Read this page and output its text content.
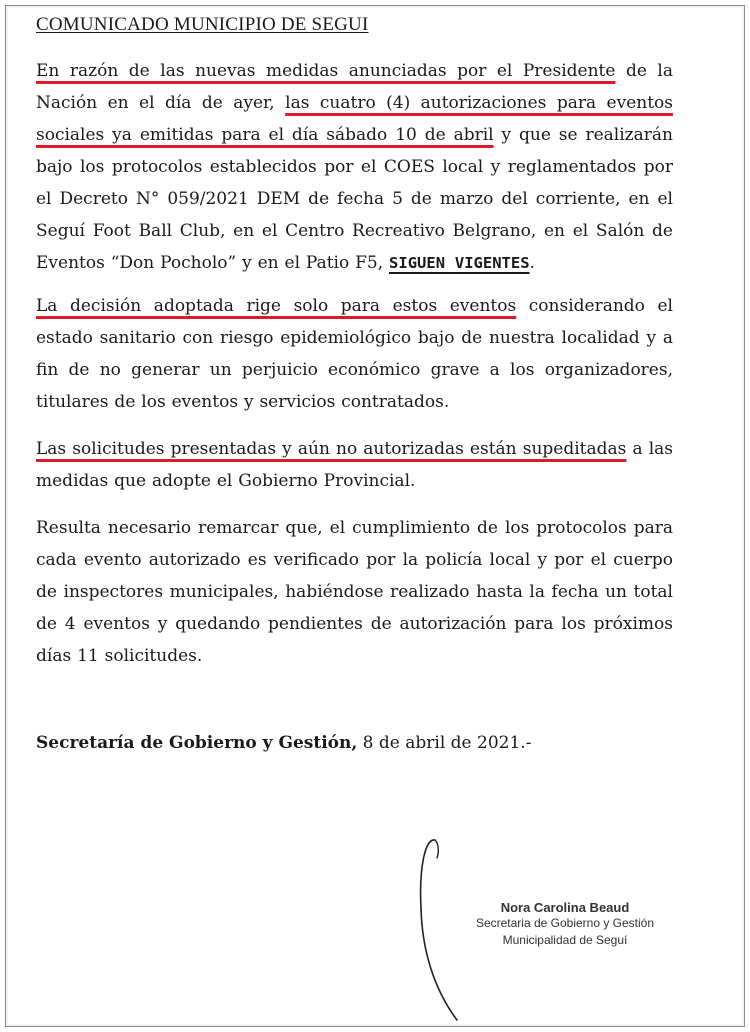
COMUNICADO MUNICIPIO DE SEGUI

En razón de las nuevas medidas anunciadas por el Presidente de la Nación en el día de ayer, las cuatro (4) autorizaciones para eventos sociales ya emitidas para el día sábado 10 de abril y que se realizarán bajo los protocolos establecidos por el COES local y reglamentados por el Decreto N° 059/2021 DEM de fecha 5 de marzo del corriente, en el Seguí Foot Ball Club, en el Centro Recreativo Belgrano, en el Salón de Eventos “Don Pocholo” y en el Patio F5, SIGUEN VIGENTES.

La decisión adoptada rige solo para estos eventos considerando el estado sanitario con riesgo epidemiológico bajo de nuestra localidad y a fin de no generar un perjuicio económico grave a los organizadores, titulares de los eventos y servicios contratados.

Las solicitudes presentadas y aún no autorizadas están supeditadas a las medidas que adopte el Gobierno Provincial.

Resulta necesario remarcar que, el cumplimiento de los protocolos para cada evento autorizado es verificado por la policía local y por el cuerpo de inspectores municipales, habiéndose realizado hasta la fecha un total de 4 eventos y quedando pendientes de autorización para los próximos días 11 solicitudes.

Secretaría de Gobierno y Gestión, 8 de abril de 2021.-

Nora Carolina Beaud
Secretaria de Gobierno y Gestión
Municipalidad de Seguí
